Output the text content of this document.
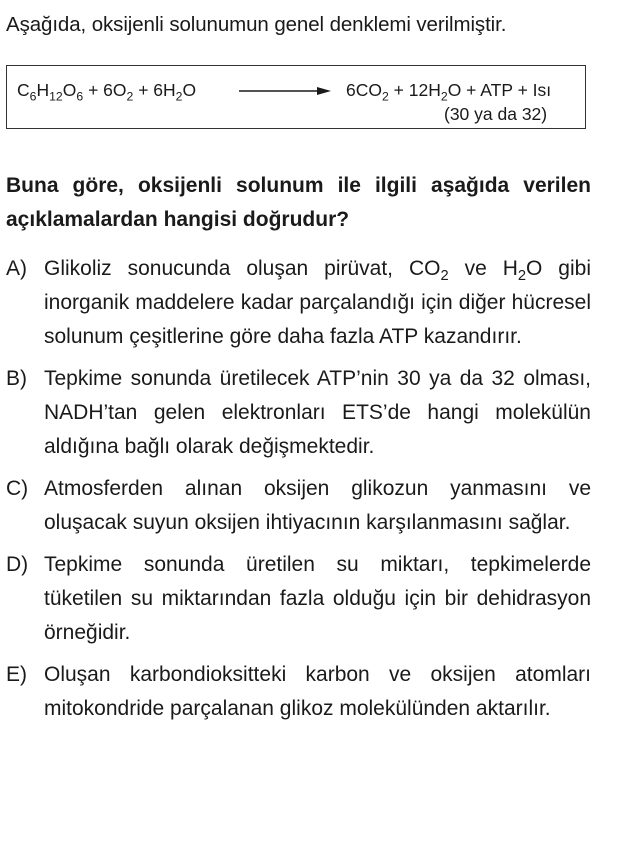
Aşağıda, oksijenli solunumun genel denklemi verilmiştir.
$C_6H_{12}O_6 + 6O_2 + 6H_2O$	$6CO_2 + 12H_2O$ + ATP + Isı
(30 ya da 32)
Buna göre, oksijenli solunum ile ilgili aşağıda verilen açıklamalardan hangisi doğrudur?
A) Glikoliz sonucunda oluşan pirüvat, $CO_2$ ve $H_2O$ gibi inorganik maddelere kadar parçalandığı için diğer hücresel solunum çeşitlerine göre daha fazla ATP kazandırır.
B) Tepkime sonunda üretilecek ATP’nin 30 ya da 32 olması, NADH’tan gelen elektronları ETS’de hangi molekülün aldığına bağlı olarak değişmektedir.
C) Atmosferden alınan oksijen glikozun yanmasını ve oluşacak suyun oksijen ihtiyacının karşılanmasını sağlar.
D) Tepkime sonunda üretilen su miktarı, tepkimelerde tüketilen su miktarından fazla olduğu için bir dehidrasyon örneğidir.
E) Oluşan karbondioksitteki karbon ve oksijen atomları mitokondride parçalanan glikoz molekülünden aktarılır.
